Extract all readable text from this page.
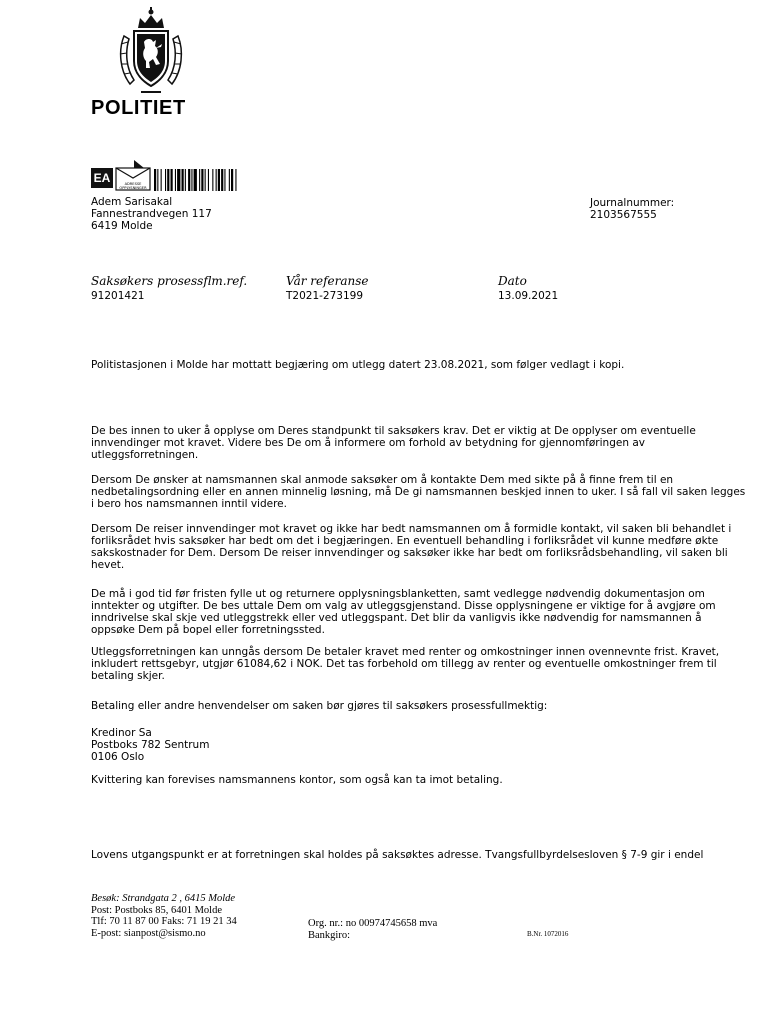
POLITIET
EA	ADRESSE
OPPLYSNINGER
Adem Sarisakal
Fannestrandvegen 117
6419 Molde
Journalnummer:
2103567555
Saksøkers prosessflm.ref.	Vår referanse	Dato
91201421	T2021-273199	13.09.2021

Politistasjonen i Molde har mottatt begjæring om utlegg datert 23.08.2021, som følger vedlagt i kopi.

De bes innen to uker å opplyse om Deres standpunkt til saksøkers krav. Det er viktig at De opplyser om eventuelle innvendinger mot kravet. Videre bes De om å informere om forhold av betydning for gjennomføringen av utleggsforretningen.

Dersom De ønsker at namsmannen skal anmode saksøker om å kontakte Dem med sikte på å finne frem til en nedbetalingsordning eller en annen minnelig løsning, må De gi namsmannen beskjed innen to uker. I så fall vil saken legges i bero hos namsmannen inntil videre.

Dersom De reiser innvendinger mot kravet og ikke har bedt namsmannen om å formidle kontakt, vil saken bli behandlet i forliksrådet hvis saksøker har bedt om det i begjæringen. En eventuell behandling i forliksrådet vil kunne medføre økte sakskostnader for Dem. Dersom De reiser innvendinger og saksøker ikke har bedt om forliksrådsbehandling, vil saken bli hevet.

De må i god tid før fristen fylle ut og returnere opplysningsblanketten, samt vedlegge nødvendig dokumentasjon om inntekter og utgifter. De bes uttale Dem om valg av utleggsgjenstand. Disse opplysningene er viktige for å avgjøre om inndrivelse skal skje ved utleggstrekk eller ved utleggspant. Det blir da vanligvis ikke nødvendig for namsmannen å oppsøke Dem på bopel eller forretningssted.

Utleggsforretningen kan unngås dersom De betaler kravet med renter og omkostninger innen ovennevnte frist. Kravet, inkludert rettsgebyr, utgjør 61084,62 i NOK. Det tas forbehold om tillegg av renter og eventuelle omkostninger frem til betaling skjer.

Betaling eller andre henvendelser om saken bør gjøres til saksøkers prosessfullmektig:

Kredinor Sa
Postboks 782 Sentrum
0106 Oslo

Kvittering kan forevises namsmannens kontor, som også kan ta imot betaling.

Lovens utgangspunkt er at forretningen skal holdes på saksøktes adresse. Tvangsfullbyrdelsesloven § 7-9 gir i endel

Besøk: Strandgata 2 , 6415 Molde
Post: Postboks 85, 6401 Molde
Tlf: 70 11 87 00 Faks: 71 19 21 34
E-post: sianpost@sismo.no
Org. nr.: no 00974745658 mva
Bankgiro:	B.Nr. 1072016
